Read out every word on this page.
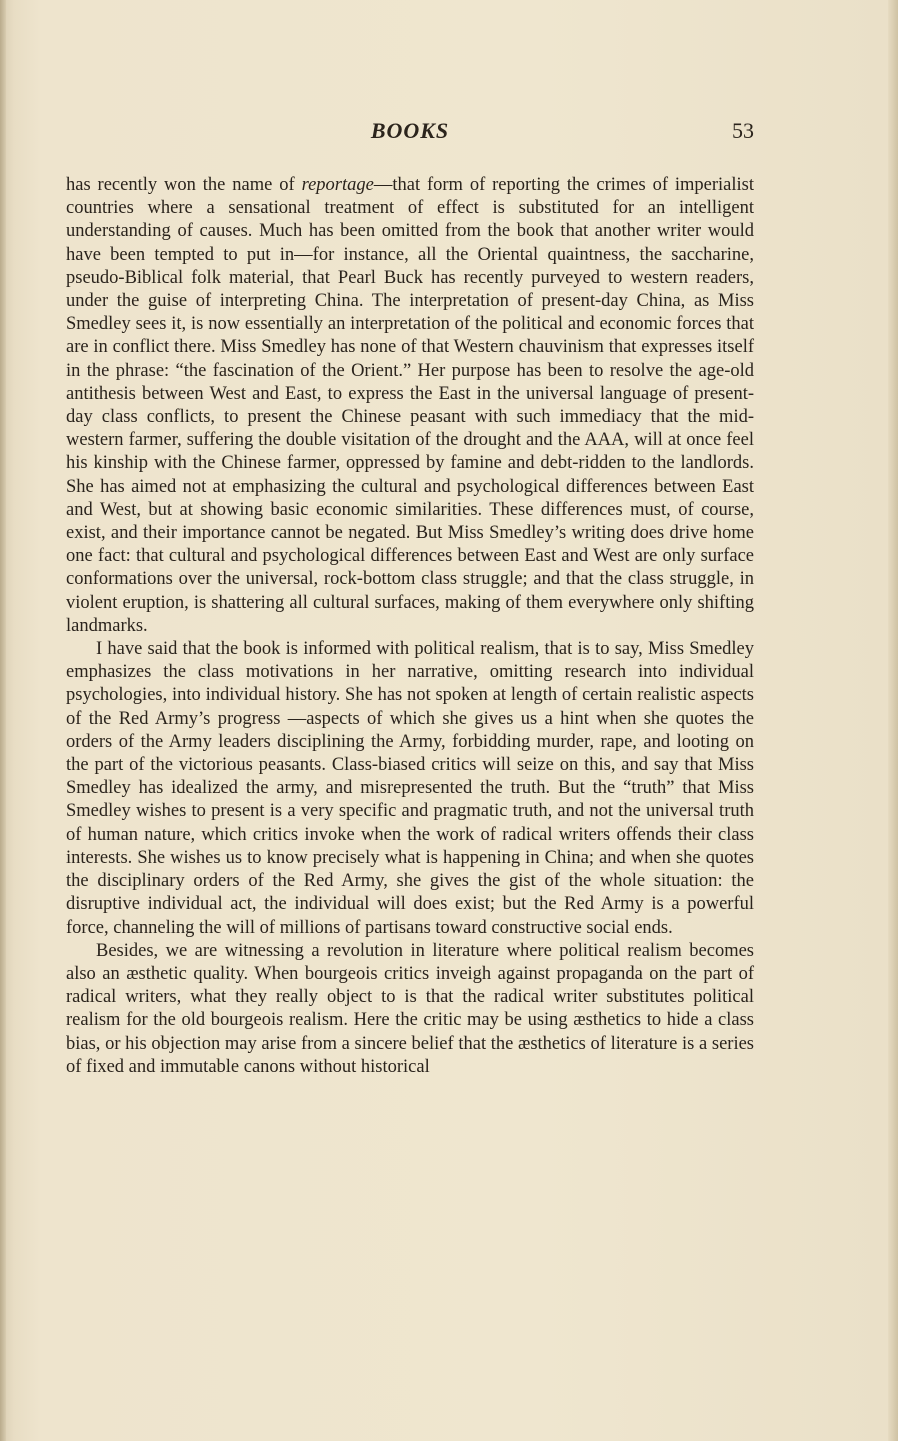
BOOKS	53

has recently won the name of reportage—that form of reporting the crimes of imperialist countries where a sensational treatment of effect is substituted for an intelligent understanding of causes. Much has been omitted from the book that another writer would have been tempted to put in—for instance, all the Oriental quaintness, the saccharine, pseudo-Biblical folk material, that Pearl Buck has recently purveyed to western readers, under the guise of interpreting China. The interpretation of present-day China, as Miss Smedley sees it, is now essentially an interpretation of the political and economic forces that are in conflict there. Miss Smedley has none of that Western chauvinism that expresses itself in the phrase: “the fascination of the Orient.” Her purpose has been to resolve the age-old antithesis between West and East, to express the East in the universal language of present-day class conflicts, to present the Chinese peasant with such immediacy that the mid-western farmer, suffering the double visitation of the drought and the AAA, will at once feel his kinship with the Chinese farmer, oppressed by famine and debt-ridden to the landlords. She has aimed not at emphasizing the cultural and psychological differences between East and West, but at showing basic economic similarities. These differences must, of course, exist, and their importance cannot be negated. But Miss Smedley’s writing does drive home one fact: that cultural and psychological differences between East and West are only surface conformations over the universal, rock-bottom class struggle; and that the class struggle, in violent eruption, is shattering all cultural surfaces, making of them everywhere only shifting landmarks.

I have said that the book is informed with political realism, that is to say, Miss Smedley emphasizes the class motivations in her narrative, omitting research into individual psychologies, into individual history. She has not spoken at length of certain realistic aspects of the Red Army’s progress —aspects of which she gives us a hint when she quotes the orders of the Army leaders disciplining the Army, forbidding murder, rape, and looting on the part of the victorious peasants. Class-biased critics will seize on this, and say that Miss Smedley has idealized the army, and misrepresented the truth. But the “truth” that Miss Smedley wishes to present is a very specific and pragmatic truth, and not the universal truth of human nature, which critics invoke when the work of radical writers offends their class interests. She wishes us to know precisely what is happening in China; and when she quotes the disciplinary orders of the Red Army, she gives the gist of the whole situation: the disruptive individual act, the individual will does exist; but the Red Army is a powerful force, channeling the will of millions of partisans toward constructive social ends.

Besides, we are witnessing a revolution in literature where political realism becomes also an æsthetic quality. When bourgeois critics inveigh against propaganda on the part of radical writers, what they really object to is that the radical writer substitutes political realism for the old bourgeois realism. Here the critic may be using æsthetics to hide a class bias, or his objection may arise from a sincere belief that the æsthetics of literature is a series of fixed and immutable canons without historical
